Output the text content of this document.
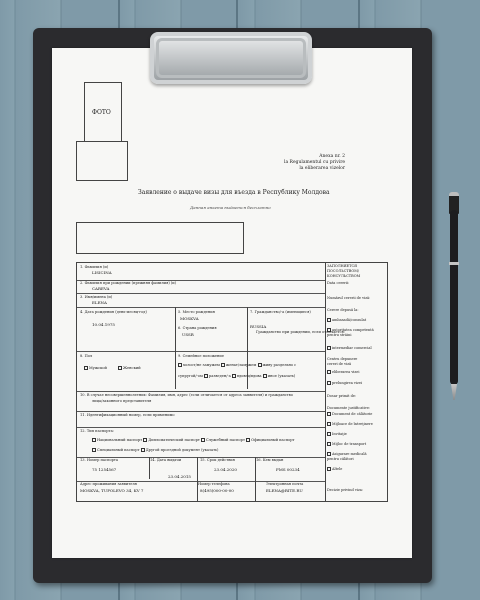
ФОТО
Anexa nr. 2
la Regulamentul cu privire
la eliberarea vizelor
Заявление о выдаче визы для въезда в Республику Молдова
Данная анкета выдается бесплатно
1. Фамилия (и)
LISICINA
2. Фамилия при рождении (прежняя фамилия) (и)
CAREVA
3. Имя/имена (и)
ELENA
4. Дата рождения (день-месяц-год)
10.04.1975
5. Место рождения
MOSKVA
6. Страна рождения
USSR
7. Гражданство/-а (имеющиеся)
RUSSIA
Гражданство при рождении, если отличается:
8. Пол
Мужской	Женский
9. Семейное положение
холост/не замужем женат/замужем живу раздельно с
супругой/-ом разведен/-а вдовец/вдова иное (указать)
10. В случае несовершеннолетних: Фамилия, имя, адрес (если отличается от адреса заявителя) и гражданство
лица/законного представителя
11. Идентификационный номер, если применимо
12. Тип паспорта:
Национальный паспорт Дипломатический паспорт Служебный паспорт Официальный паспорт
Специальный паспорт Другой проездной документ (указать)
13. Номер паспорта
75 1254567
14. Дата выдачи
23.04.2015
15. Срок действия
23.04.2020
16. Кем выдан
FMS 00234
Адрес проживания заявителя
MOSKVA, TUPOLEVO 34, KV 7
Номер телефона
8(495)000-00-00
Электронная почта
ELENA@RITE.RU
ЗАПОЛНЯЕТСЯ
ПОСОЛЬСТВОМ/
КОНСУЛЬСТВОМ
Data cererii:
Numărul cererii de viză:
Cerere depusă la:
ambasadă/consulat
autoritatea competentă
pentru străini
intermediar comercial
Centru depunere
cereri de viză
eliberarea vizei
prelungirea vizei
Dosar primit de:
Documente justificative:
Document de călătorie
Mijloace de întreţinere
Invitaţie
Mijloc de transport
Asigurare medicală
pentru călători
Altele
Decizie privind viza:
